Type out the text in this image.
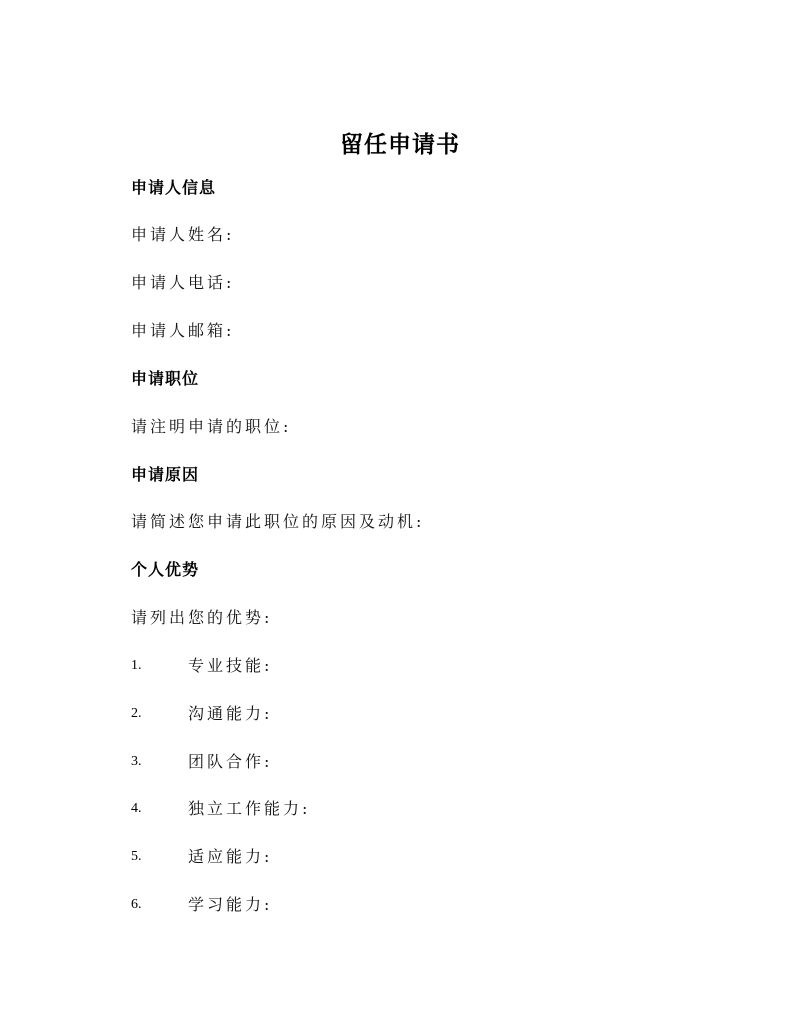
留任申请书
申请人信息
申请人姓名:
申请人电话:
申请人邮箱:
申请职位
请注明申请的职位:
申请原因
请简述您申请此职位的原因及动机:
个人优势
请列出您的优势:
1.	专业技能:
2.	沟通能力:
3.	团队合作:
4.	独立工作能力:
5.	适应能力:
6.	学习能力:
